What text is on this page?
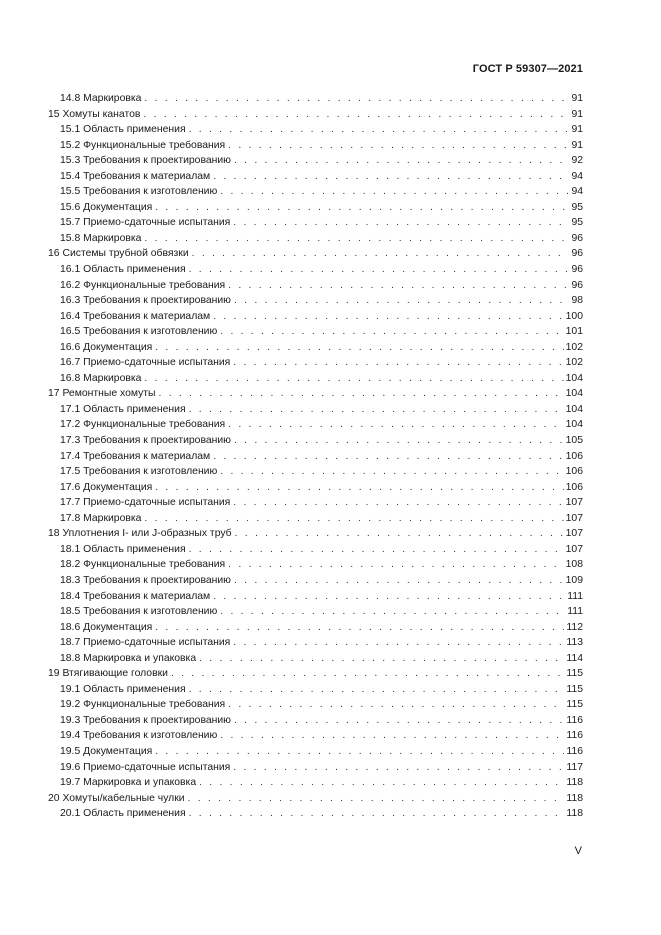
ГОСТ Р 59307—2021
14.8 Маркировка . . .	91
15 Хомуты канатов . . .	91
15.1 Область применения . . .	91
15.2 Функциональные требования . . .	91
15.3 Требования к проектированию . . .	92
15.4 Требования к материалам . . .	94
15.5 Требования к изготовлению . . .	94
15.6 Документация . . .	95
15.7 Приемо-сдаточные испытания . . .	95
15.8 Маркировка . . .	96
16 Системы трубной обвязки . . .	96
16.1 Область применения . . .	96
16.2 Функциональные требования . . .	96
16.3 Требования к проектированию . . .	98
16.4 Требования к материалам . . .	100
16.5 Требования к изготовлению . . .	101
16.6 Документация . . .	102
16.7 Приемо-сдаточные испытания . . .	102
16.8 Маркировка . . .	104
17 Ремонтные хомуты . . .	104
17.1 Область применения . . .	104
17.2 Функциональные требования . . .	104
17.3 Требования к проектированию . . .	105
17.4 Требования к материалам . . .	106
17.5 Требования к изготовлению . . .	106
17.6 Документация . . .	106
17.7 Приемо-сдаточные испытания . . .	107
17.8 Маркировка . . .	107
18 Уплотнения I- или J-образных труб . . .	107
18.1 Область применения . . .	107
18.2 Функциональные требования . . .	108
18.3 Требования к проектированию . . .	109
18.4 Требования к материалам . . .	111
18.5 Требования к изготовлению . . .	111
18.6 Документация . . .	112
18.7 Приемо-сдаточные испытания . . .	113
18.8 Маркировка и упаковка . . .	114
19 Втягивающие головки . . .	115
19.1 Область применения . . .	115
19.2 Функциональные требования . . .	115
19.3 Требования к проектированию . . .	116
19.4 Требования к изготовлению . . .	116
19.5 Документация . . .	116
19.6 Приемо-сдаточные испытания . . .	117
19.7 Маркировка и упаковка . . .	118
20 Хомуты/кабельные чулки . . .	118
20.1 Область применения . . .	118
V
